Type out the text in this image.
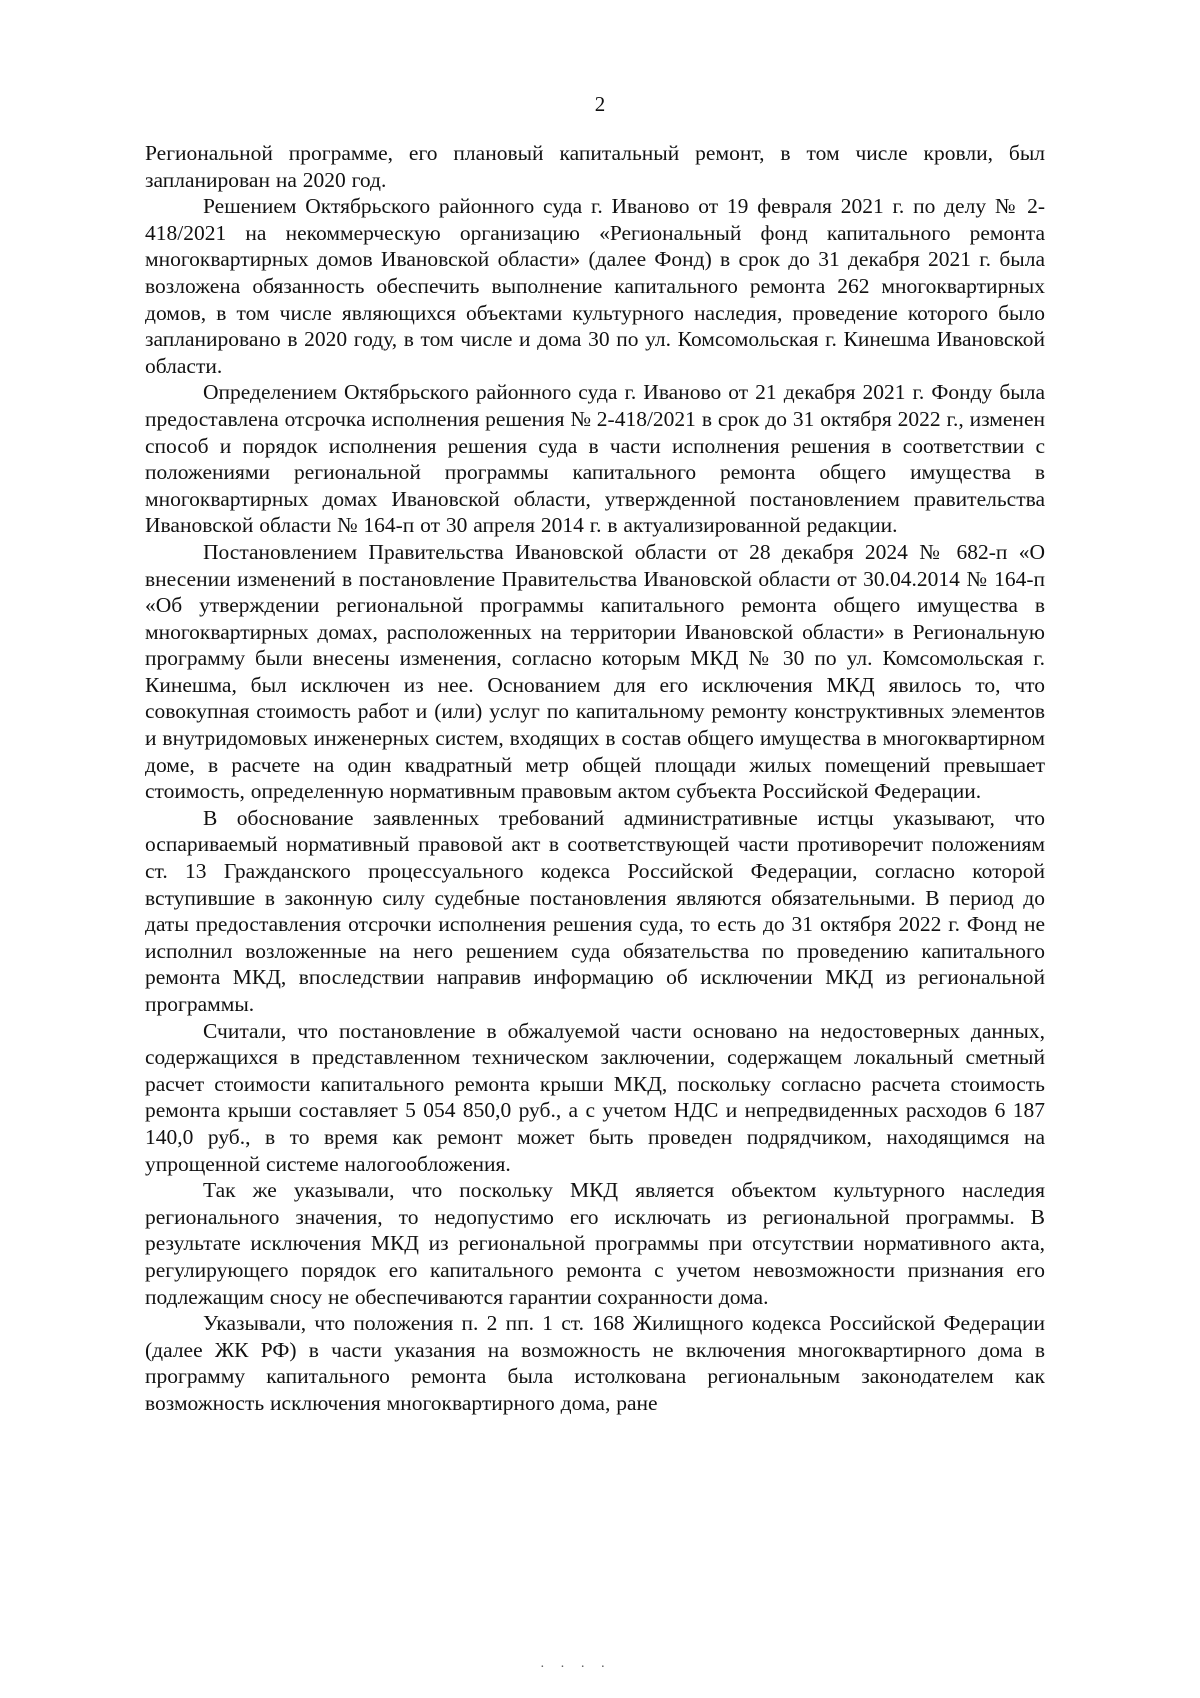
2

Региональной программе, его плановый капитальный ремонт, в том числе кровли, был запланирован на 2020 год.

Решением Октябрьского районного суда г. Иваново от 19 февраля 2021 г. по делу № 2-418/2021 на некоммерческую организацию «Региональный фонд капитального ремонта многоквартирных домов Ивановской области» (далее Фонд) в срок до 31 декабря 2021 г. была возложена обязанность обеспечить выполнение капитального ремонта 262 многоквартирных домов, в том числе являющихся объектами культурного наследия, проведение которого было запланировано в 2020 году, в том числе и дома 30 по ул. Комсомольская г. Кинешма Ивановской области.

Определением Октябрьского районного суда г. Иваново от 21 декабря 2021 г. Фонду была предоставлена отсрочка исполнения решения № 2-418/2021 в срок до 31 октября 2022 г., изменен способ и порядок исполнения решения суда в части исполнения решения в соответствии с положениями региональной программы капитального ремонта общего имущества в многоквартирных домах Ивановской области, утвержденной постановлением правительства Ивановской области № 164-п от 30 апреля 2014 г. в актуализированной редакции.

Постановлением Правительства Ивановской области от 28 декабря 2024 № 682-п «О внесении изменений в постановление Правительства Ивановской области от 30.04.2014 № 164-п «Об утверждении региональной программы капитального ремонта общего имущества в многоквартирных домах, расположенных на территории Ивановской области» в Региональную программу были внесены изменения, согласно которым МКД № 30 по ул. Комсомольская г. Кинешма, был исключен из нее. Основанием для его исключения МКД явилось то, что совокупная стоимость работ и (или) услуг по капитальному ремонту конструктивных элементов и внутридомовых инженерных систем, входящих в состав общего имущества в многоквартирном доме, в расчете на один квадратный метр общей площади жилых помещений превышает стоимость, определенную нормативным правовым актом субъекта Российской Федерации.

В обоснование заявленных требований административные истцы указывают, что оспариваемый нормативный правовой акт в соответствующей части противоречит положениям ст. 13 Гражданского процессуального кодекса Российской Федерации, согласно которой вступившие в законную силу судебные постановления являются обязательными. В период до даты предоставления отсрочки исполнения решения суда, то есть до 31 октября 2022 г. Фонд не исполнил возложенные на него решением суда обязательства по проведению капитального ремонта МКД, впоследствии направив информацию об исключении МКД из региональной программы.

Считали, что постановление в обжалуемой части основано на недостоверных данных, содержащихся в представленном техническом заключении, содержащем локальный сметный расчет стоимости капитального ремонта крыши МКД, поскольку согласно расчета стоимость ремонта крыши составляет 5 054 850,0 руб., а с учетом НДС и непредвиденных расходов 6 187 140,0 руб., в то время как ремонт может быть проведен подрядчиком, находящимся на упрощенной системе налогообложения.

Так же указывали, что поскольку МКД является объектом культурного наследия регионального значения, то недопустимо его исключать из региональной программы. В результате исключения МКД из региональной программы при отсутствии нормативного акта, регулирующего порядок его капитального ремонта с учетом невозможности признания его подлежащим сносу не обеспечиваются гарантии сохранности дома.

Указывали, что положения п. 2 пп. 1 ст. 168 Жилищного кодекса Российской Федерации (далее ЖК РФ) в части указания на возможность не включения многоквартирного дома в программу капитального ремонта была истолкована региональным законодателем как возможность исключения многоквартирного дома, ране

· · · ·
